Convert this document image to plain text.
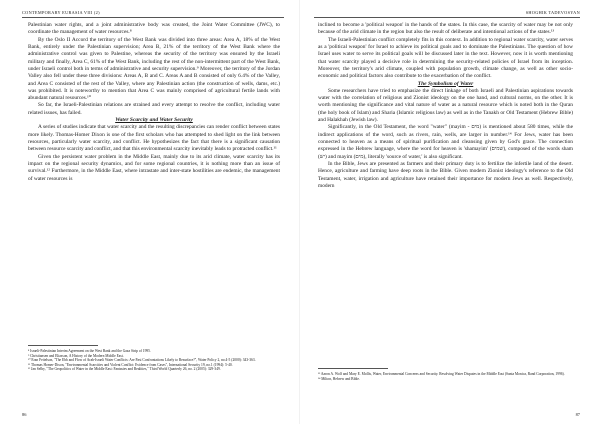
CONTEMPORARY EURASIA VIII (2)

Palestinian water rights, and a joint administrative body was created, the Joint Water Committee (JWC), to coordinate the management of water resources.⁸

By the Oslo II Accord the territory of the West Bank was divided into three areas: Area A, 18% of the West Bank, entirely under the Palestinian supervision; Area B, 21% of the territory of the West Bank where the administrative control was given to Palestine, whereas the security of the territory was ensured by the Israeli military and finally, Area C, 61% of the West Bank, including the rest of the non-intermittent part of the West Bank, under Israeli control both in terms of administrative and security supervision.⁹ Moreover, the territory of the Jordan Valley also fell under these three divisions: Areas A, B and C. Areas A and B consisted of only 6.4% of the Valley, and Area C consisted of the rest of the Valley, where any Palestinian action (the construction of wells, dams, etc.) was prohibited. It is noteworthy to mention that Area C was mainly comprised of agricultural fertile lands with abundant natural resources.¹⁰

So far, the Israeli-Palestinian relations are strained and every attempt to resolve the conflict, including water related issues, has failed.

Water Scarcity and Water Security

A series of studies indicate that water scarcity and the resulting discrepancies can render conflict between states more likely. Thomas-Homer Dixon is one of the first scholars who has attempted to shed light on the link between resources, particularly water scarcity, and conflict. He hypothesizes the fact that there is a significant causation between resource scarcity and conflict, and that this environmental scarcity inevitably leads to protracted conflict.¹¹

Given the persistent water problem in the Middle East, mainly due to its arid climate, water scarcity has its impact on the regional security dynamics, and for some regional countries, it is nothing more than an issue of survival.¹² Furthermore, in the Middle East, where intrastate and inter-state hostilities are endemic, the management of water resources is

⁸ Israeli-Palestinian Interim Agreement on the West Bank and the Gaza Strip of 1995.

⁹ Christiansen and Eliasson, A History of the Modern Middle East.

¹⁰ Eran Feitelson, "The Ebb and Flow of Arab-Israeli Water Conflicts: Are Past Confrontations Likely to Resurface?", Water Policy 2, no.4-5 (2000): 343-363.

¹¹ Thomas Homer-Dixon, "Environmental Scarcities and Violent Conflict: Evidence from Cases", International Security 19, no.1 (1994): 5-40.

¹² Jan Selby, "The Geopolitics of Water in the Middle East: Fantasies and Realities," Third World Quarterly 26, no. 2 (2005): 329-349.

86
SHOGHIK TADEVOSYAN

inclined to become a 'political weapon' in the hands of the states. In this case, the scarcity of water may be not only because of the arid climate in the region but also the result of deliberate and intentional actions of the states.¹³

The Israeli-Palestinian conflict completely fits in this context. In addition to regional water scarcity, water serves as a 'political weapon' for Israel to achieve its political goals and to dominate the Palestinians. The question of how Israel uses water to serve its political goals will be discussed later in the text. However, now it is worth mentioning that water scarcity played a decisive role in determining the security-related policies of Israel from its inception. Moreover, the territory's arid climate, coupled with population growth, climate change, as well as other socio-economic and political factors also contribute to the exacerbation of the conflict.

The Symbolism of Water

Some researchers have tried to emphasize the direct linkage of both Israeli and Palestinian aspirations towards water with the correlation of religious and Zionist ideology on the one hand, and cultural norms, on the other. It is worth mentioning the significance and vital nature of water as a natural resource which is noted both in the Quran (the holy book of Islam) and Sharia (Islamic religious law) as well as in the Tanakh or Old Testament (Hebrew Bible) and Halakhah (Jewish law).

Significantly, in the Old Testament, the word "water" (mayim - מים) is mentioned about 580 times, while the indirect applications of the word, such as rivers, rain, wells, are larger in number.¹⁴ For Jews, water has been connected to heaven as a means of spiritual purification and cleansing given by God's grace. The connection expressed in the Hebrew language, where the word for heaven is 'shamayim' (שמים), composed of the words sham (יש) and mayim (מים), literally 'source of water,' is also significant.

In the Bible, Jews are presented as farmers and their primary duty is to fertilize the infertile land of the desert. Hence, agriculture and farming have deep roots in the Bible. Given modern Zionist ideology's reference to the Old Testament, water, irrigation and agriculture have retained their importance for modern Jews as well. Respectively, modern

¹³ Aaron A. Wolf and Mary E. Mollis, Water, Environmental Concerns and Security. Resolving Water Disputes in the Middle East (Santa Monica, Rand Corporation, 1996).

¹⁴ Milton, Hebrew and Bible.

87
